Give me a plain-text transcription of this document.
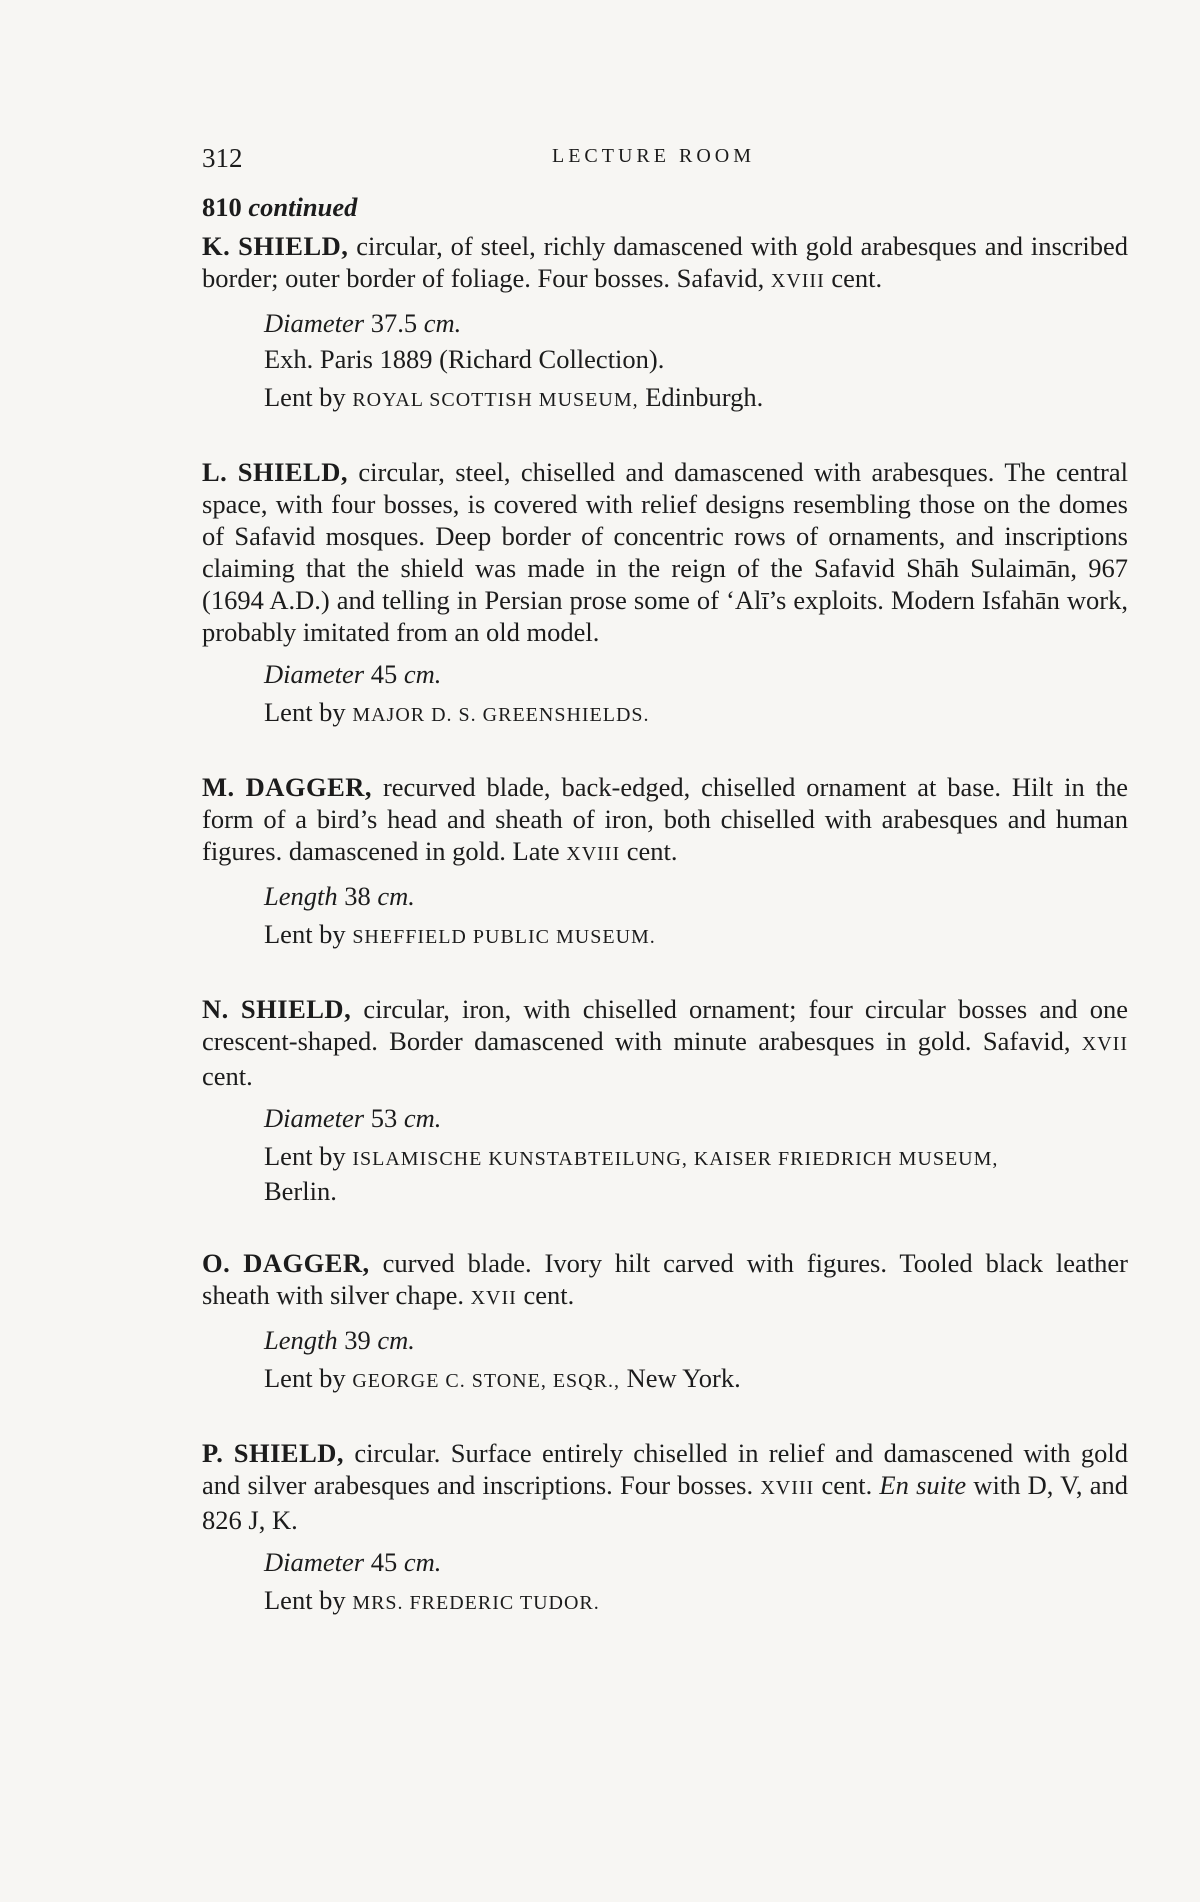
312	LECTURE ROOM

810 continued

K. SHIELD, circular, of steel, richly damascened with gold arabesques and inscribed border; outer border of foliage. Four bosses. Safavid, XVIII cent.

Diameter 37.5 cm.

Exh. Paris 1889 (Richard Collection).

Lent by ROYAL SCOTTISH MUSEUM, Edinburgh.

L. SHIELD, circular, steel, chiselled and damascened with arabesques. The central space, with four bosses, is covered with relief designs resembling those on the domes of Safavid mosques. Deep border of concentric rows of ornaments, and inscriptions claiming that the shield was made in the reign of the Safavid Shāh Sulaimān, 967 (1694 A.D.) and telling in Persian prose some of ‘Alī’s exploits. Modern Isfahān work, probably imitated from an old model.

Diameter 45 cm.

Lent by MAJOR D. S. GREENSHIELDS.

M. DAGGER, recurved blade, back-edged, chiselled ornament at base. Hilt in the form of a bird’s head and sheath of iron, both chiselled with arabesques and human figures. damascened in gold. Late XVIII cent.

Length 38 cm.

Lent by SHEFFIELD PUBLIC MUSEUM.

N. SHIELD, circular, iron, with chiselled ornament; four circular bosses and one crescent-shaped. Border damascened with minute arabesques in gold. Safavid, XVII cent.

Diameter 53 cm.

Lent by ISLAMISCHE KUNSTABTEILUNG, KAISER FRIEDRICH MUSEUM,
Berlin.

O. DAGGER, curved blade. Ivory hilt carved with figures. Tooled black leather sheath with silver chape. XVII cent.

Length 39 cm.

Lent by GEORGE C. STONE, ESQR., New York.

P. SHIELD, circular. Surface entirely chiselled in relief and damascened with gold and silver arabesques and inscriptions. Four bosses. XVIII cent. En suite with D, V, and 826 J, K.

Diameter 45 cm.

Lent by MRS. FREDERIC TUDOR.
